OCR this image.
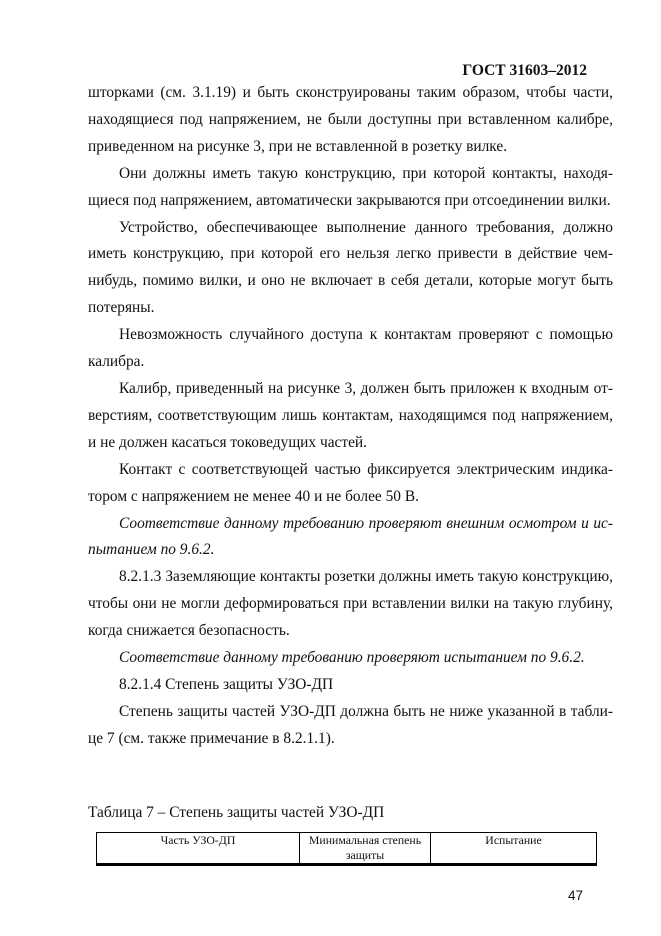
ГОСТ 31603–2012

шторками (см. 3.1.19) и быть сконструированы таким образом, чтобы части, находящиеся под напряжением, не были доступны при вставленном калибре, приведенном на рисунке 3, при не вставленной в розетку вилке.

Они должны иметь такую конструкцию, при которой контакты, находя-щиеся под напряжением, автоматически закрываются при отсоединении вилки.

Устройство, обеспечивающее выполнение данного требования, должно иметь конструкцию, при которой его нельзя легко привести в действие чем-нибудь, помимо вилки, и оно не включает в себя детали, которые могут быть потеряны.

Невозможность случайного доступа к контактам проверяют с помощью калибра.

Калибр, приведенный на рисунке 3, должен быть приложен к входным от-верстиям, соответствующим лишь контактам, находящимся под напряжением, и не должен касаться токоведущих частей.

Контакт с соответствующей частью фиксируется электрическим индика-тором с напряжением не менее 40 и не более 50 В.

Соответствие данному требованию проверяют внешним осмотром и ис-пытанием по 9.6.2.

8.2.1.3 Заземляющие контакты розетки должны иметь такую конструкцию, чтобы они не могли деформироваться при вставлении вилки на такую глубину, когда снижается безопасность.

Соответствие данному требованию проверяют испытанием по 9.6.2.

8.2.1.4 Степень защиты УЗО-ДП

Степень защиты частей УЗО-ДП должна быть не ниже указанной в табли-це 7 (см. также примечание в 8.2.1.1).

Таблица 7 – Степень защиты частей УЗО-ДП
Часть УЗО-ДП	Минимальная степень защиты	Испытание
47
